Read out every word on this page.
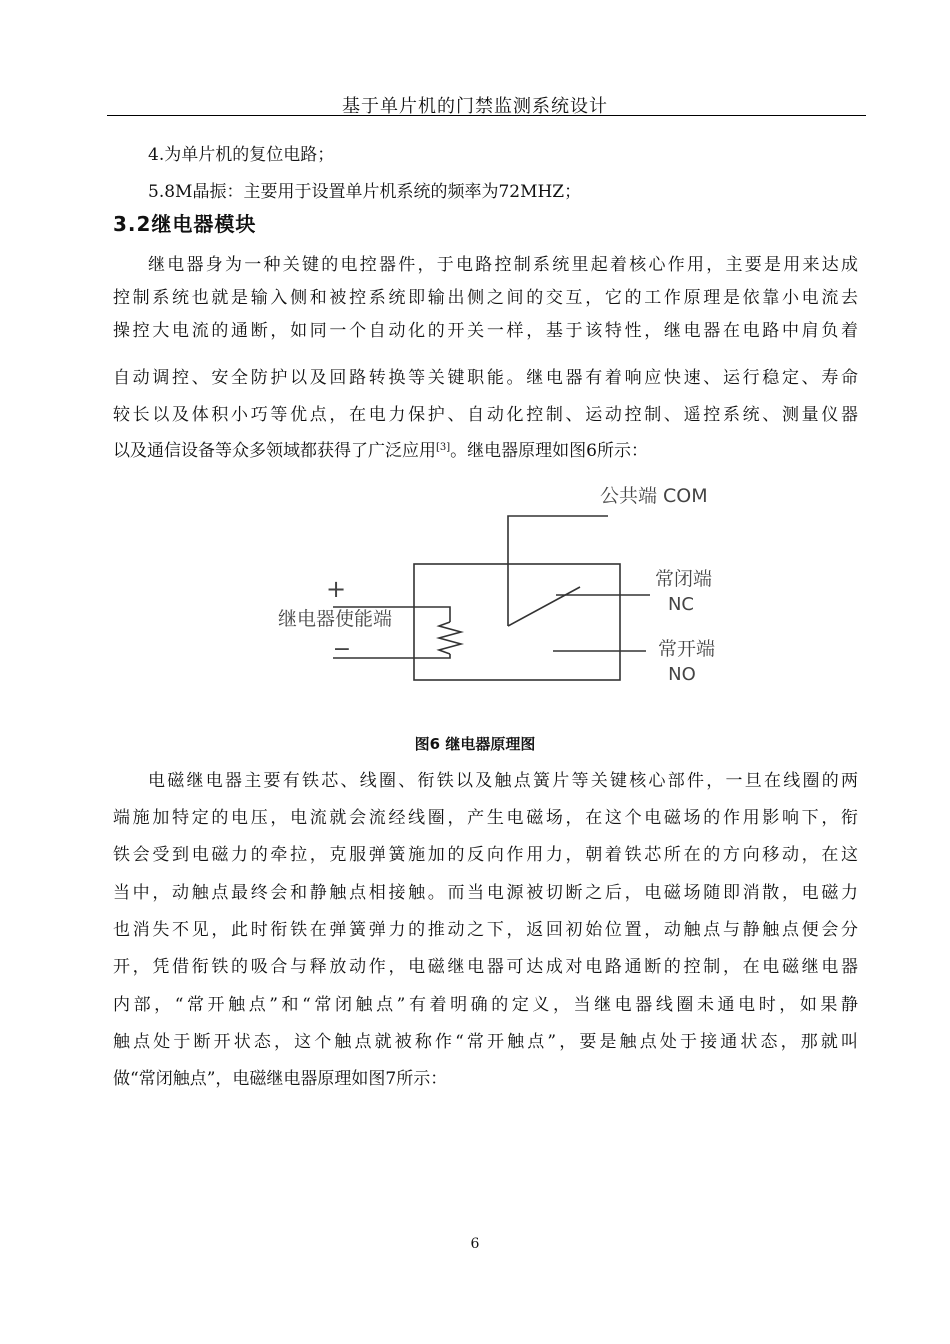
基于单片机的门禁监测系统设计
4.为单片机的复位电路；
5.8M晶振：主要用于设置单片机系统的频率为72MHZ；
3.2继电器模块
继电器身为一种关键的电控器件，于电路控制系统里起着核心作用，主要是用来达成
控制系统也就是输入侧和被控系统即输出侧之间的交互，它的工作原理是依靠小电流去
操控大电流的通断，如同一个自动化的开关一样，基于该特性，继电器在电路中肩负着
自动调控、安全防护以及回路转换等关键职能。继电器有着响应快速、运行稳定、寿命
较长以及体积小巧等优点，在电力保护、自动化控制、运动控制、遥控系统、测量仪器
以及通信设备等众多领域都获得了广泛应用[3]。继电器原理如图6所示：
+
−
继电器使能端
公共端 COM
常闭端
NC
常开端
NO
图6 继电器原理图
电磁继电器主要有铁芯、线圈、衔铁以及触点簧片等关键核心部件，一旦在线圈的两
端施加特定的电压，电流就会流经线圈，产生电磁场，在这个电磁场的作用影响下，衔
铁会受到电磁力的牵拉，克服弹簧施加的反向作用力，朝着铁芯所在的方向移动，在这
当中，动触点最终会和静触点相接触。而当电源被切断之后，电磁场随即消散，电磁力
也消失不见，此时衔铁在弹簧弹力的推动之下，返回初始位置，动触点与静触点便会分
开，凭借衔铁的吸合与释放动作，电磁继电器可达成对电路通断的控制，在电磁继电器
内部，“常开触点”和“常闭触点”有着明确的定义，当继电器线圈未通电时，如果静
触点处于断开状态，这个触点就被称作“常开触点”，要是触点处于接通状态，那就叫
做“常闭触点”，电磁继电器原理如图7所示：
6
